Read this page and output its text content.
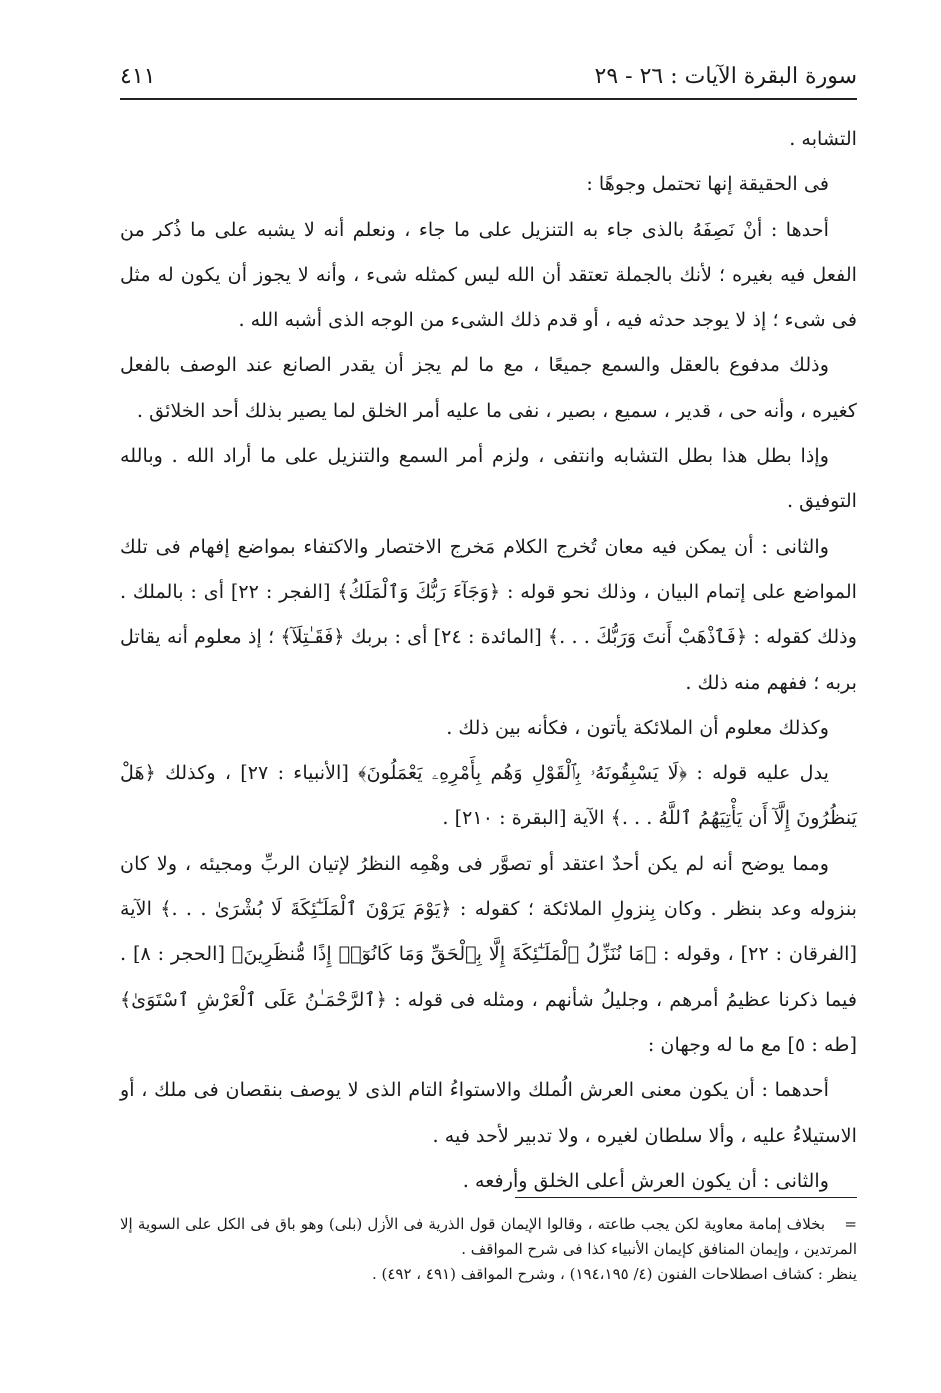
سورة البقرة الآيات : ٢٦ - ٢٩
٤١١

التشابه .

فى الحقيقة إنها تحتمل وجوهًا :

أحدها : أنْ نَصِفَهُ بالذى جاء به التنزيل على ما جاء ، ونعلم أنه لا يشبه على ما ذُكر من الفعل فيه بغيره ؛ لأنك بالجملة تعتقد أن الله ليس كمثله شىء ، وأنه لا يجوز أن يكون له مثل فى شىء ؛ إذ لا يوجد حدثه فيه ، أو قدم ذلك الشىء من الوجه الذى أشبه الله .

وذلك مدفوع بالعقل والسمع جميعًا ، مع ما لم يجز أن يقدر الصانع عند الوصف بالفعل كغيره ، وأنه حى ، قدير ، سميع ، بصير ، نفى ما عليه أمر الخلق لما يصير بذلك أحد الخلائق .

وإذا بطل هذا بطل التشابه وانتفى ، ولزم أمر السمع والتنزيل على ما أراد الله . وبالله التوفيق .

والثانى : أن يمكن فيه معان تُخرج الكلام مَخرج الاختصار والاكتفاء بمواضع إفهام فى تلك المواضع على إتمام البيان ، وذلك نحو قوله : ﴿وَجَآءَ رَبُّكَ وَٱلْمَلَكُ﴾ [الفجر : ٢٢] أى : بالملك . وذلك كقوله : ﴿فَٱذْهَبْ أَنتَ وَرَبُّكَ . . .﴾ [المائدة : ٢٤] أى : بربك ﴿فَقَـٰتِلَآ﴾ ؛ إذ معلوم أنه يقاتل بربه ؛ ففهم منه ذلك .

وكذلك معلوم أن الملائكة يأتون ، فكأنه بين ذلك .

يدل عليه قوله : ﴿لَا يَسْبِقُونَهُۥ بِٱلْقَوْلِ وَهُم بِأَمْرِهِۦ يَعْمَلُونَ﴾ [الأنبياء : ٢٧] ، وكذلك ﴿هَلْ يَنظُرُونَ إِلَّآ أَن يَأْتِيَهُمُ ٱللَّهُ . . .﴾ الآية [البقرة : ٢١٠] .

ومما يوضح أنه لم يكن أحدٌ اعتقد أو تصوَّر فى وهْمِه النظرُ لإتيان الربِّ ومجيئه ، ولا كان بنزوله وعد بنظر . وكان بِنزولِ الملائكة ؛ كقوله : ﴿يَوْمَ يَرَوْنَ ٱلْمَلَـٰٓئِكَةَ لَا بُشْرَىٰ . . .﴾ الآية [الفرقان : ٢٢] ، وقوله : ﴿مَا نُنَزِّلُ ٱلْمَلَـٰٓئِكَةَ إِلَّا بِٱلْحَقِّ وَمَا كَانُوٓا۟ إِذًا مُّنظَرِينَ﴾ [الحجر : ٨] . فيما ذكرنا عظيمُ أمرهم ، وجليلُ شأنهم ، ومثله فى قوله : ﴿ٱلرَّحْمَـٰنُ عَلَى ٱلْعَرْشِ ٱسْتَوَىٰ﴾ [طه : ٥] مع ما له وجهان :

أحدهما : أن يكون معنى العرش الُملك والاستواءُ التام الذى لا يوصف بنقصان فى ملك ، أو الاستيلاءُ عليه ، وألا سلطان لغيره ، ولا تدبير لأحد فيه .

والثانى : أن يكون العرش أعلى الخلق وأرفعه .

=بخلاف إمامة معاوية لكن يجب طاعته ، وقالوا الإيمان قول الذرية فى الأزل (بلى) وهو باق فى الكل على السوية إلا المرتدين ، وإيمان المنافق كإيمان الأنبياء كذا فى شرح المواقف .

ينظر : كشاف اصطلاحات الفنون (٤/ ١٩٤،١٩٥) ، وشرح المواقف (٤٩١ ، ٤٩٢) .
